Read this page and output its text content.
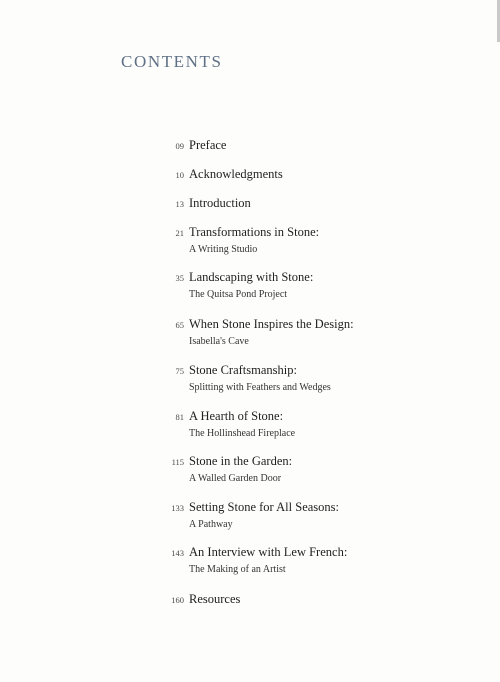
CONTENTS
09 Preface
10 Acknowledgments
13 Introduction
21 Transformations in Stone:
A Writing Studio
35 Landscaping with Stone:
The Quitsa Pond Project
65 When Stone Inspires the Design:
Isabella's Cave
75 Stone Craftsmanship:
Splitting with Feathers and Wedges
81 A Hearth of Stone:
The Hollinshead Fireplace
115 Stone in the Garden:
A Walled Garden Door
133 Setting Stone for All Seasons:
A Pathway
143 An Interview with Lew French:
The Making of an Artist
160 Resources
